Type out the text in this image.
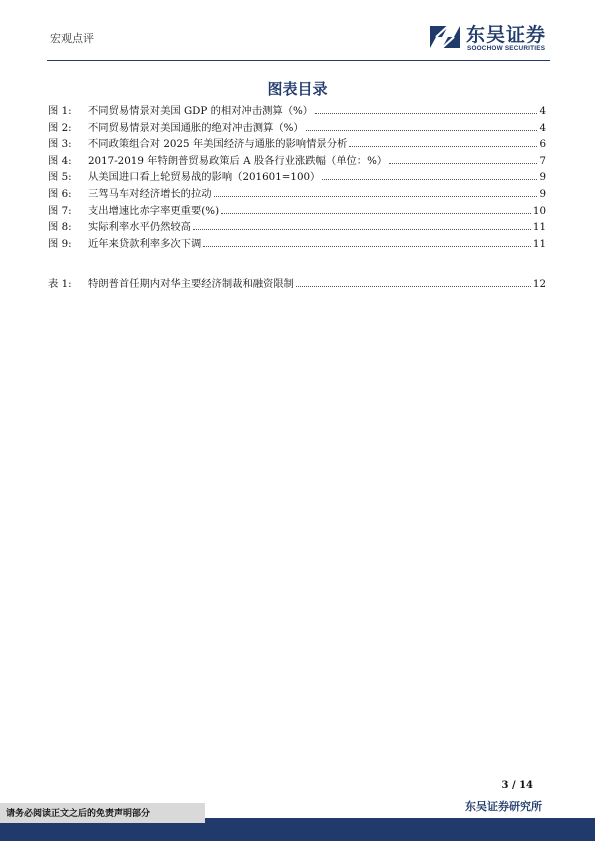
宏观点评	东吴证券
SOOCHOW SECURITIES
图表目录
图 1:	不同贸易情景对美国 GDP 的相对冲击测算（%）	4
图 2:	不同贸易情景对美国通胀的绝对冲击测算（%）	4
图 3:	不同政策组合对 2025 年美国经济与通胀的影响情景分析	6
图 4:	2017-2019 年特朗普贸易政策后 A 股各行业涨跌幅（单位：%）	7
图 5:	从美国进口看上轮贸易战的影响（201601=100）	9
图 6:	三驾马车对经济增长的拉动	9
图 7:	支出增速比赤字率更重要(%)	10
图 8:	实际利率水平仍然较高	11
图 9:	近年来贷款利率多次下调	11
表 1:	特朗普首任期内对华主要经济制裁和融资限制	12
3 / 14
东吴证券研究所
请务必阅读正文之后的免责声明部分
